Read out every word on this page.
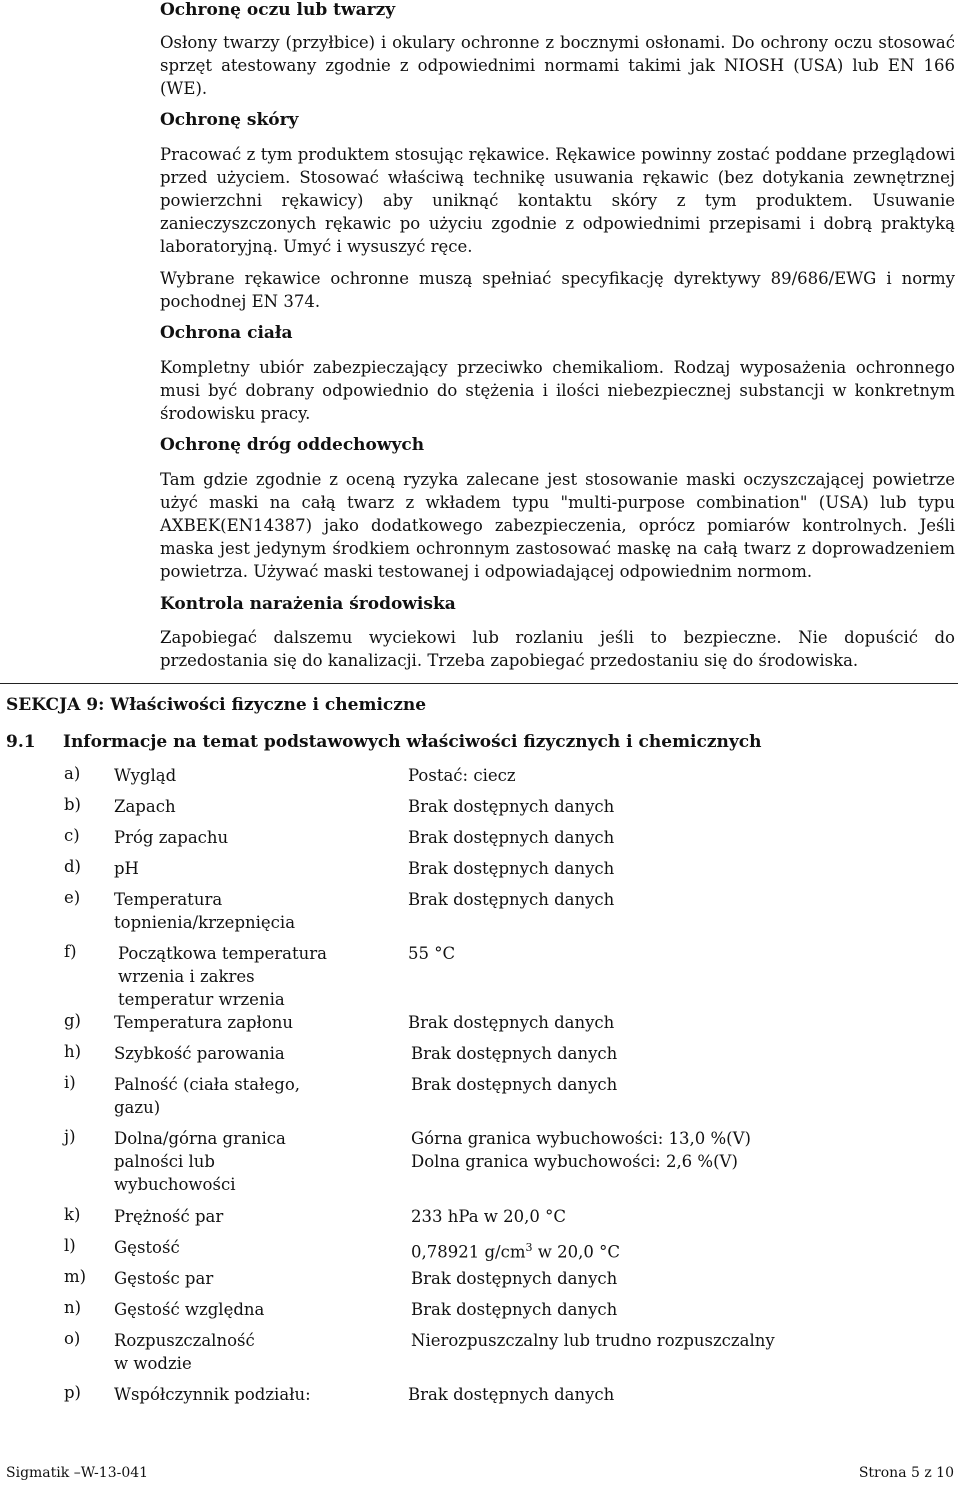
Ochronę oczu lub twarzy
Osłony twarzy (przyłbice) i okulary ochronne z bocznymi osłonami. Do ochrony oczu stosować sprzęt atestowany zgodnie z odpowiednimi normami takimi jak NIOSH (USA) lub EN 166 (WE).
Ochronę skóry
Pracować z tym produktem stosując rękawice. Rękawice powinny zostać poddane przeglądowi przed użyciem. Stosować właściwą technikę usuwania rękawic (bez dotykania zewnętrznej powierzchni rękawicy) aby uniknąć kontaktu skóry z tym produktem. Usuwanie zanieczyszczonych rękawic po użyciu zgodnie z odpowiednimi przepisami i dobrą praktyką laboratoryjną. Umyć i wysuszyć ręce.
Wybrane rękawice ochronne muszą spełniać specyfikację dyrektywy 89/686/EWG i normy pochodnej EN 374.
Ochrona ciała
Kompletny ubiór zabezpieczający przeciwko chemikaliom. Rodzaj wyposażenia ochronnego musi być dobrany odpowiednio do stężenia i ilości niebezpiecznej substancji w konkretnym środowisku pracy.
Ochronę dróg oddechowych
Tam gdzie zgodnie z oceną ryzyka zalecane jest stosowanie maski oczyszczającej powietrze użyć maski na całą twarz z wkładem typu "multi-purpose combination" (USA) lub typu AXBEK(EN14387) jako dodatkowego zabezpieczenia, oprócz pomiarów kontrolnych. Jeśli maska jest jedynym środkiem ochronnym zastosować maskę na całą twarz z doprowadzeniem powietrza. Używać maski testowanej i odpowiadającej odpowiednim normom.
Kontrola narażenia środowiska
Zapobiegać dalszemu wyciekowi lub rozlaniu jeśli to bezpieczne. Nie dopuścić do przedostania się do kanalizacji. Trzeba zapobiegać przedostaniu się do środowiska.
SEKCJA 9: Właściwości fizyczne i chemiczne
9.1 Informacje na temat podstawowych właściwości fizycznych i chemicznych
a) Wygląd	Postać: ciecz
b) Zapach	Brak dostępnych danych
c) Próg zapachu	Brak dostępnych danych
d) pH	Brak dostępnych danych
e) Temperatura topnienia/krzepnięcia
Brak dostępnych danych
f)	Początkowa temperatura wrzenia i zakres temperatur wrzenia
55 °C
g) Temperatura zapłonu	Brak dostępnych danych
h) Szybkość parowania	Brak dostępnych danych
i) Palność (ciała stałego, gazu)
Brak dostępnych danych
j) Dolna/górna granica palności lub wybuchowości
Górna granica wybuchowości: 13,0 %(V)
Dolna granica wybuchowości: 2,6 %(V)
k) Prężność par	233 hPa w 20,0 °C
l) Gęstość	0,78921 $g/cm^3$ w 20,0 °C
m) Gęstośc par	Brak dostępnych danych
n) Gęstość względna	Brak dostępnych danych
o) Rozpuszczalność w wodzie
Nierozpuszczalny lub trudno rozpuszczalny
p) Współczynnik podziału:	Brak dostępnych danych
Sigmatik –W-13-041	Strona 5 z 10
